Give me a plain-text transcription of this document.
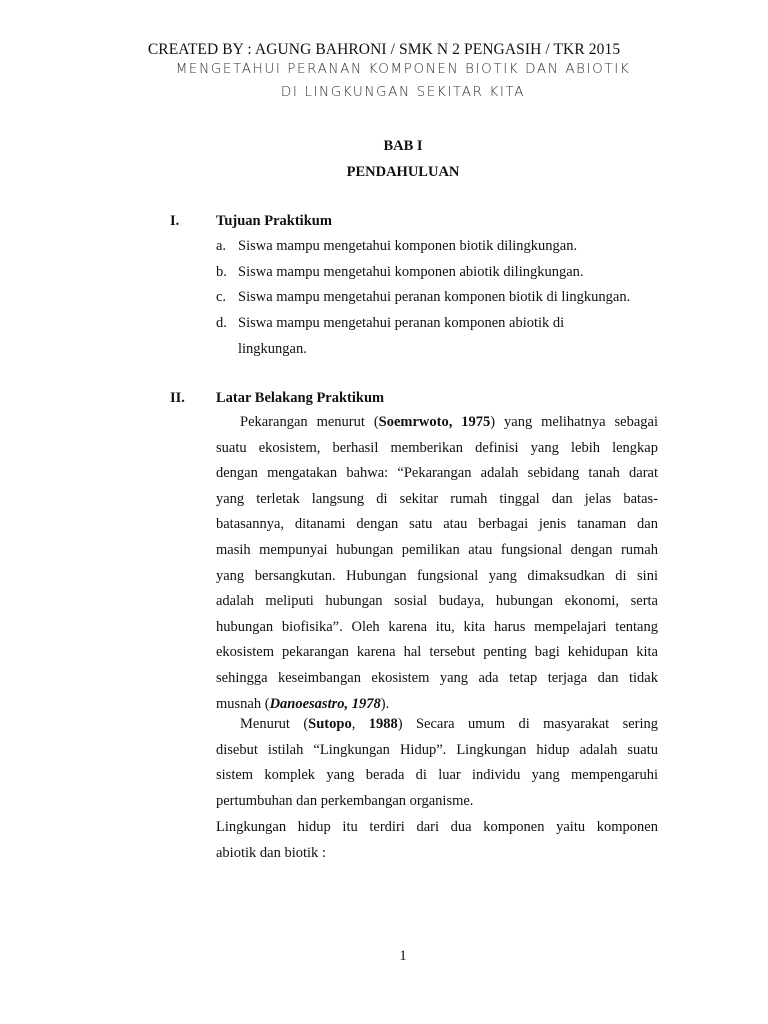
CREATED BY : AGUNG BAHRONI / SMK N 2 PENGASIH / TKR 2015
MENGETAHUI PERANAN KOMPONEN BIOTIK DAN ABIOTIK
DI LINGKUNGAN SEKITAR KITA
BAB I
PENDAHULUAN
I.	Tujuan Praktikum
a. Siswa mampu mengetahui komponen biotik dilingkungan.
b. Siswa mampu mengetahui komponen abiotik dilingkungan.
c. Siswa mampu mengetahui peranan komponen biotik di lingkungan.
d. Siswa mampu mengetahui peranan komponen abiotik di
lingkungan.
II. Latar Belakang Praktikum
Pekarangan menurut (Soemrwoto, 1975) yang melihatnya sebagai
suatu ekosistem, berhasil memberikan definisi yang lebih lengkap
dengan mengatakan bahwa: “Pekarangan adalah sebidang tanah darat
yang terletak langsung di sekitar rumah tinggal dan jelas batas-
batasannya, ditanami dengan satu atau berbagai jenis tanaman dan
masih mempunyai hubungan pemilikan atau fungsional dengan rumah
yang bersangkutan. Hubungan fungsional yang dimaksudkan di sini
adalah meliputi hubungan sosial budaya, hubungan ekonomi, serta
hubungan biofisika”. Oleh karena itu, kita harus mempelajari tentang
ekosistem pekarangan karena hal tersebut penting bagi kehidupan kita
sehingga keseimbangan ekosistem yang ada tetap terjaga dan tidak
musnah (Danoesastro, 1978).
Menurut (Sutopo, 1988) Secara umum di masyarakat sering
disebut istilah “Lingkungan Hidup”. Lingkungan hidup adalah suatu
sistem komplek yang berada di luar individu yang mempengaruhi
pertumbuhan dan perkembangan organisme.
Lingkungan hidup itu terdiri dari dua komponen yaitu komponen
abiotik dan biotik :
1
